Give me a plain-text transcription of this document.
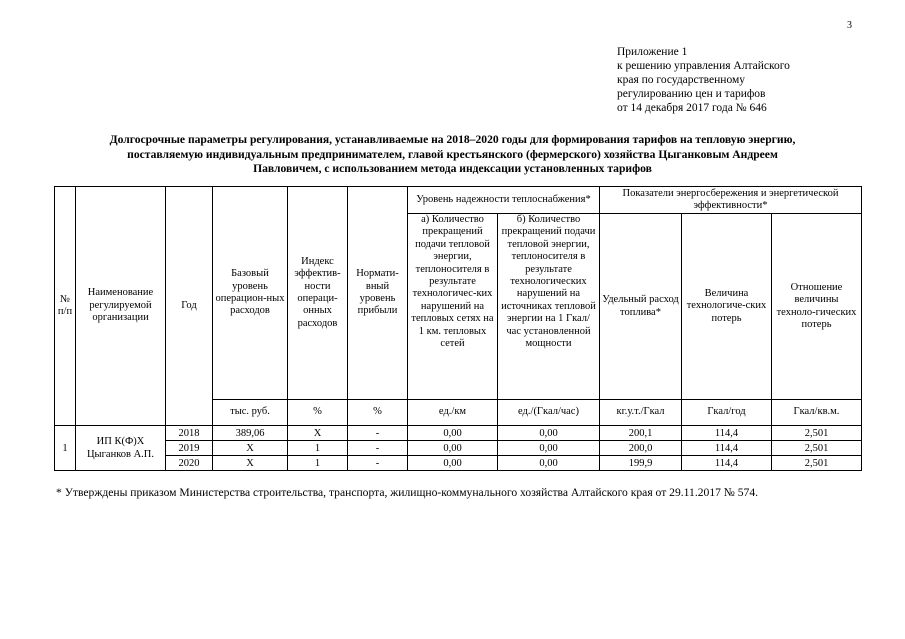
3
Приложение 1
к решению управления Алтайского
края по государственному
регулированию цен и тарифов
от 14 декабря 2017 года № 646
Долгосрочные параметры регулирования, устанавливаемые на 2018–2020 годы для формирования тарифов на тепловую энергию,
поставляемую индивидуальным предпринимателем, главой крестьянского (фермерского) хозяйства Цыганковым Андреем
Павловичем, с использованием метода индексации установленных тарифов
№ п/п	Наименование регулируемой организации	Год	Базовый уровень операцион-ных расходов	Индекс эффектив-ности операци-онных расходов	Нормати-вный уровень прибыли	Уровень надежности теплоснабжения*		Показатели энергосбережения и энергетической эффективности*		
						а) Количество прекращений подачи тепловой энергии, теплоносителя в результате технологичес-ких нарушений на тепловых сетях на 1 км. тепловых сетей	б) Количество прекращений подачи тепловой энергии, теплоносителя в результате технологических нарушений на источниках тепловой энергии на 1 Гкал/час установленной мощности	Удельный расход топлива*	Величина технологиче-ских потерь	Отношение величины техноло-гических потерь
			тыс. руб.	%	%	ед./км	ед./(Гкал/час)	кг.у.т./Гкал	Гкал/год	Гкал/кв.м.
1	ИП К(Ф)Х Цыганков А.П.	2018	389,06	Х	-	0,00	0,00	200,1	114,4	2,501
		2019	Х	1	-	0,00	0,00	200,0	114,4	2,501
		2020	Х	1	-	0,00	0,00	199,9	114,4	2,501
* Утверждены приказом Министерства строительства, транспорта, жилищно-коммунального хозяйства Алтайского края от 29.11.2017 № 574.
